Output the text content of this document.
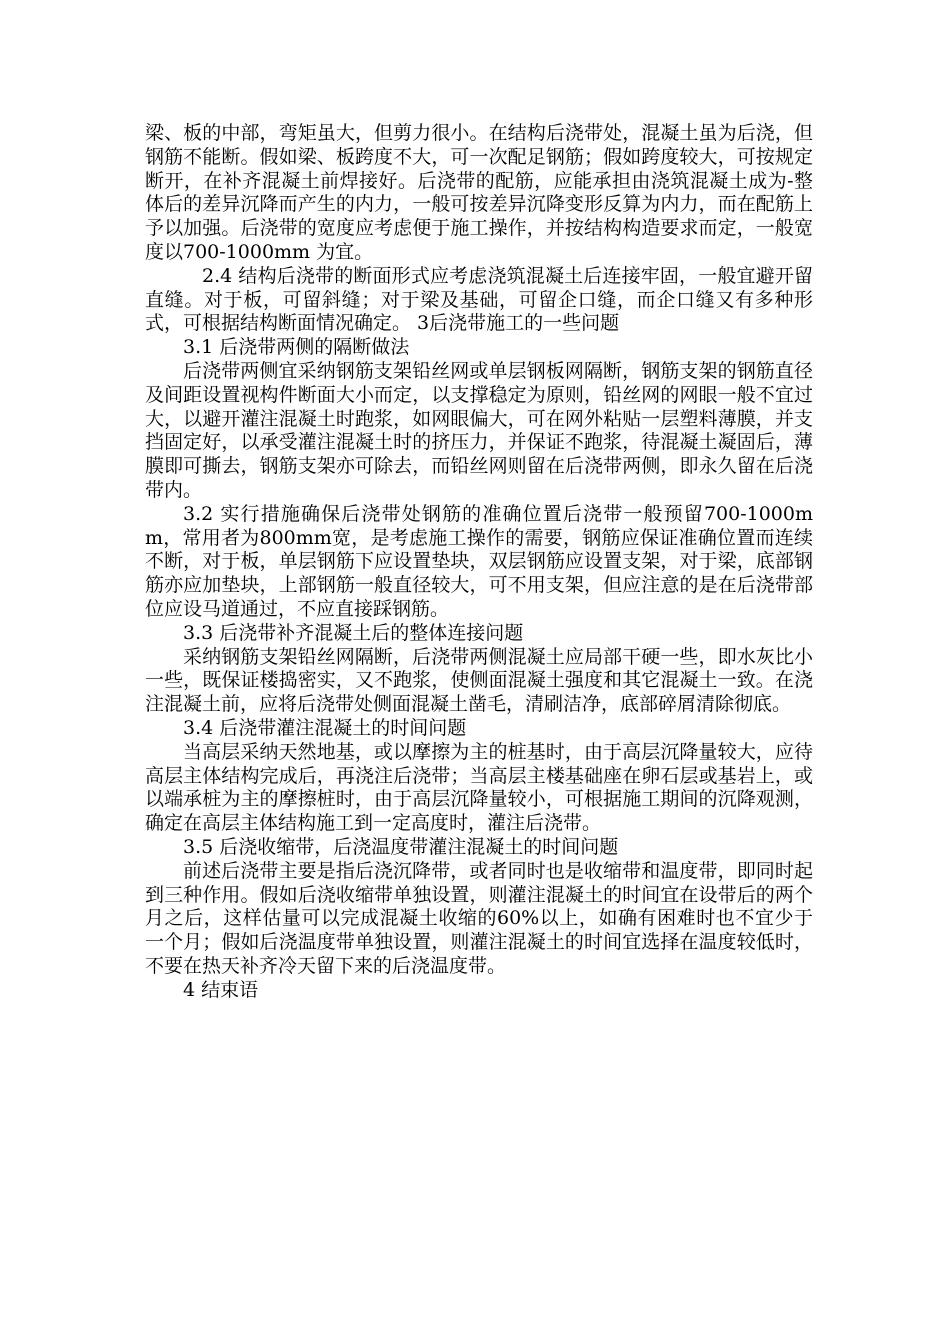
梁、板的中部，弯矩虽大，但剪力很小。在结构后浇带处，混凝土虽为后浇，但钢筋不能断。假如梁、板跨度不大，可一次配足钢筋；假如跨度较大，可按规定断开，在补齐混凝土前焊接好。后浇带的配筋，应能承担由浇筑混凝土成为-整体后的差异沉降而产生的内力，一般可按差异沉降变形反算为内力，而在配筋上予以加强。后浇带的宽度应考虑便于施工操作，并按结构构造要求而定，一般宽度以700-1000mm 为宜。

2.4 结构后浇带的断面形式应考虑浇筑混凝土后连接牢固，一般宜避开留直缝。对于板，可留斜缝；对于梁及基础，可留企口缝，而企口缝又有多种形式，可根据结构断面情况确定。 3后浇带施工的一些问题

3.1 后浇带两侧的隔断做法

后浇带两侧宜采纳钢筋支架铅丝网或单层钢板网隔断，钢筋支架的钢筋直径及间距设置视构件断面大小而定，以支撑稳定为原则，铅丝网的网眼一般不宜过大，以避开灌注混凝土时跑浆，如网眼偏大，可在网外粘贴一层塑料薄膜，并支挡固定好，以承受灌注混凝土时的挤压力，并保证不跑浆，待混凝土凝固后，薄膜即可撕去，钢筋支架亦可除去，而铅丝网则留在后浇带两侧，即永久留在后浇带内。

3.2 实行措施确保后浇带处钢筋的准确位置后浇带一般预留700-1000mm，常用者为800mm宽，是考虑施工操作的需要，钢筋应保证准确位置而连续不断，对于板，单层钢筋下应设置垫块，双层钢筋应设置支架，对于梁，底部钢筋亦应加垫块，上部钢筋一般直径较大，可不用支架，但应注意的是在后浇带部位应设马道通过，不应直接踩钢筋。

3.3 后浇带补齐混凝土后的整体连接问题

采纳钢筋支架铅丝网隔断，后浇带两侧混凝土应局部干硬一些，即水灰比小一些，既保证楼捣密实，又不跑浆，使侧面混凝土强度和其它混凝土一致。在浇注混凝土前，应将后浇带处侧面混凝土凿毛，清刷洁净，底部碎屑清除彻底。

3.4 后浇带灌注混凝土的时间问题

当高层采纳天然地基，或以摩擦为主的桩基时，由于高层沉降量较大，应待高层主体结构完成后，再浇注后浇带；当高层主楼基础座在卵石层或基岩上，或以端承桩为主的摩擦桩时，由于高层沉降量较小，可根据施工期间的沉降观测，确定在高层主体结构施工到一定高度时，灌注后浇带。

3.5 后浇收缩带，后浇温度带灌注混凝土的时间问题

前述后浇带主要是指后浇沉降带，或者同时也是收缩带和温度带，即同时起到三种作用。假如后浇收缩带单独设置，则灌注混凝土的时间宜在设带后的两个月之后，这样估量可以完成混凝土收缩的60%以上，如确有困难时也不宜少于一个月；假如后浇温度带单独设置，则灌注混凝土的时间宜选择在温度较低时，不要在热天补齐冷天留下来的后浇温度带。

4 结束语
